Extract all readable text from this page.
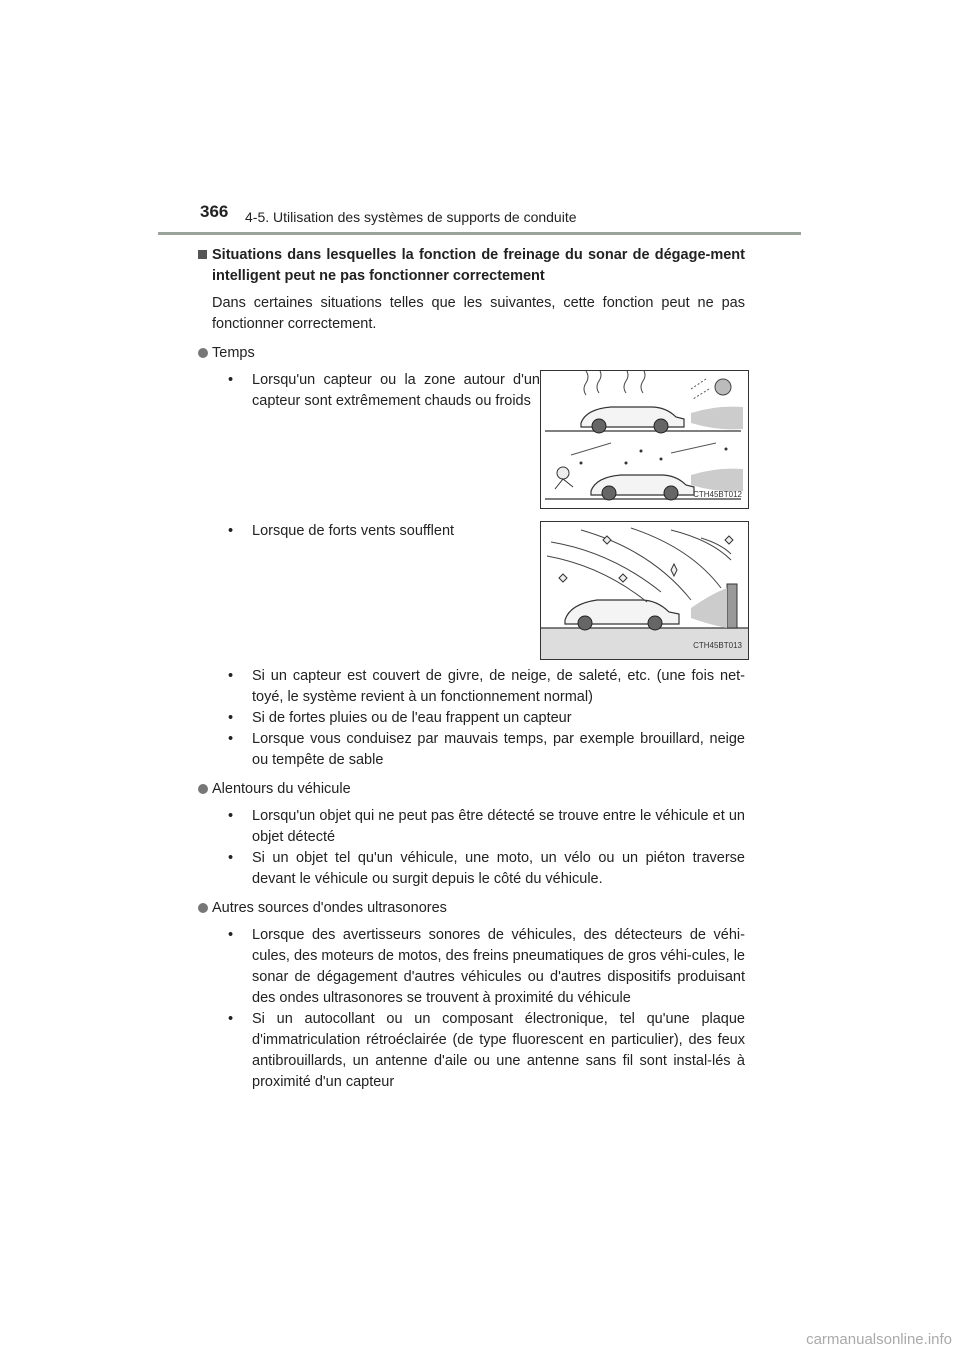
366 4-5. Utilisation des systèmes de supports de conduite
Situations dans lesquelles la fonction de freinage du sonar de dégage-ment intelligent peut ne pas fonctionner correctement

Dans certaines situations telles que les suivantes, cette fonction peut ne pas fonctionner correctement.

Temps
• Lorsqu'un capteur ou la zone autour d'un capteur sont extrêmement chauds ou froids
CTH45BT012
• Lorsque de forts vents soufflent
CTH45BT013
• Si un capteur est couvert de givre, de neige, de saleté, etc. (une fois net-toyé, le système revient à un fonctionnement normal)
• Si de fortes pluies ou de l'eau frappent un capteur
• Lorsque vous conduisez par mauvais temps, par exemple brouillard, neige ou tempête de sable
Alentours du véhicule
• Lorsqu'un objet qui ne peut pas être détecté se trouve entre le véhicule et un objet détecté
• Si un objet tel qu'un véhicule, une moto, un vélo ou un piéton traverse devant le véhicule ou surgit depuis le côté du véhicule.
Autres sources d'ondes ultrasonores
• Lorsque des avertisseurs sonores de véhicules, des détecteurs de véhi-cules, des moteurs de motos, des freins pneumatiques de gros véhi-cules, le sonar de dégagement d'autres véhicules ou d'autres dispositifs produisant des ondes ultrasonores se trouvent à proximité du véhicule
• Si un autocollant ou un composant électronique, tel qu'une plaque d'immatriculation rétroéclairée (de type fluorescent en particulier), des feux antibrouillards, un antenne d'aile ou une antenne sans fil sont instal-lés à proximité d'un capteur
carmanualsonline.info
